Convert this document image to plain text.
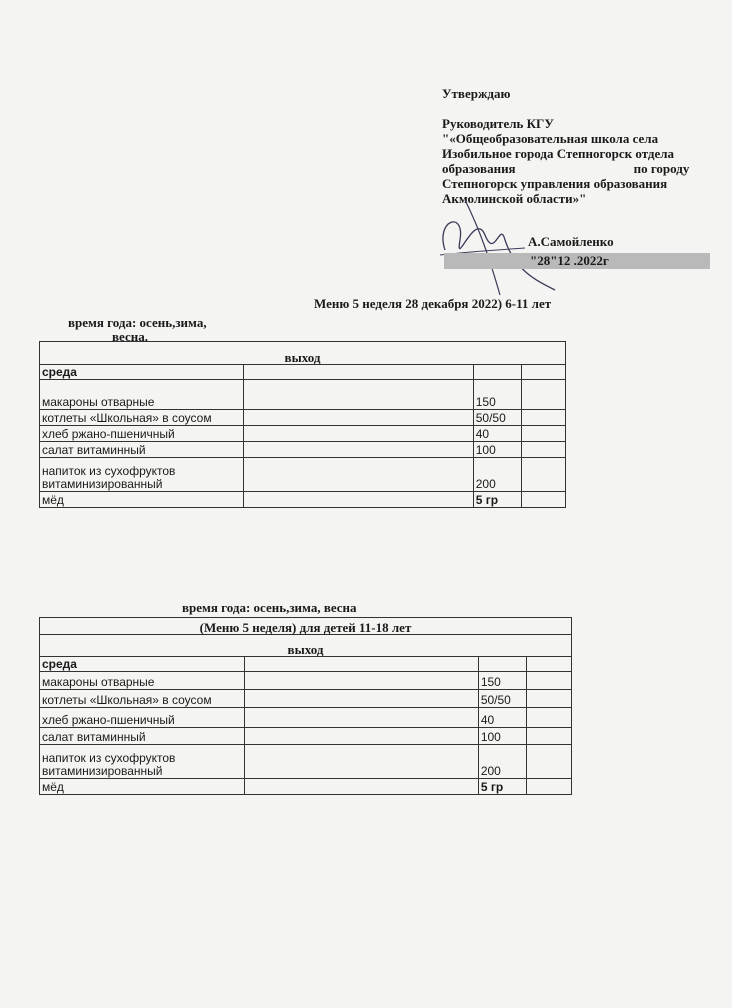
Утверждаю
Руководитель КГУ
"«Общеобразовательная школа села
Изобильное города Степногорск отдела
образования	по городу
Степногорск управления образования
Акмолинской области»"
А.Самойленко
"28"12 .2022г
Меню 5 неделя 28 декабря 2022) 6-11 лет
время года: осень,зима,
весна.
выход			
среда			
макароны отварные		150	
котлеты «Школьная» в соусом		50/50	
хлеб ржано-пшеничный		40	
салат витаминный		100	
напиток из сухофруктов витаминизированный		200	
мёд		5 гр	
время года: осень,зима, весна
(Меню 5 неделя) для детей 11-18 лет			
выход			
среда			
макароны отварные		150	
котлеты «Школьная» в соусом		50/50	
хлеб ржано-пшеничный		40	
салат витаминный		100	
напиток из сухофруктов витаминизированный		200	
мёд		5 гр	
